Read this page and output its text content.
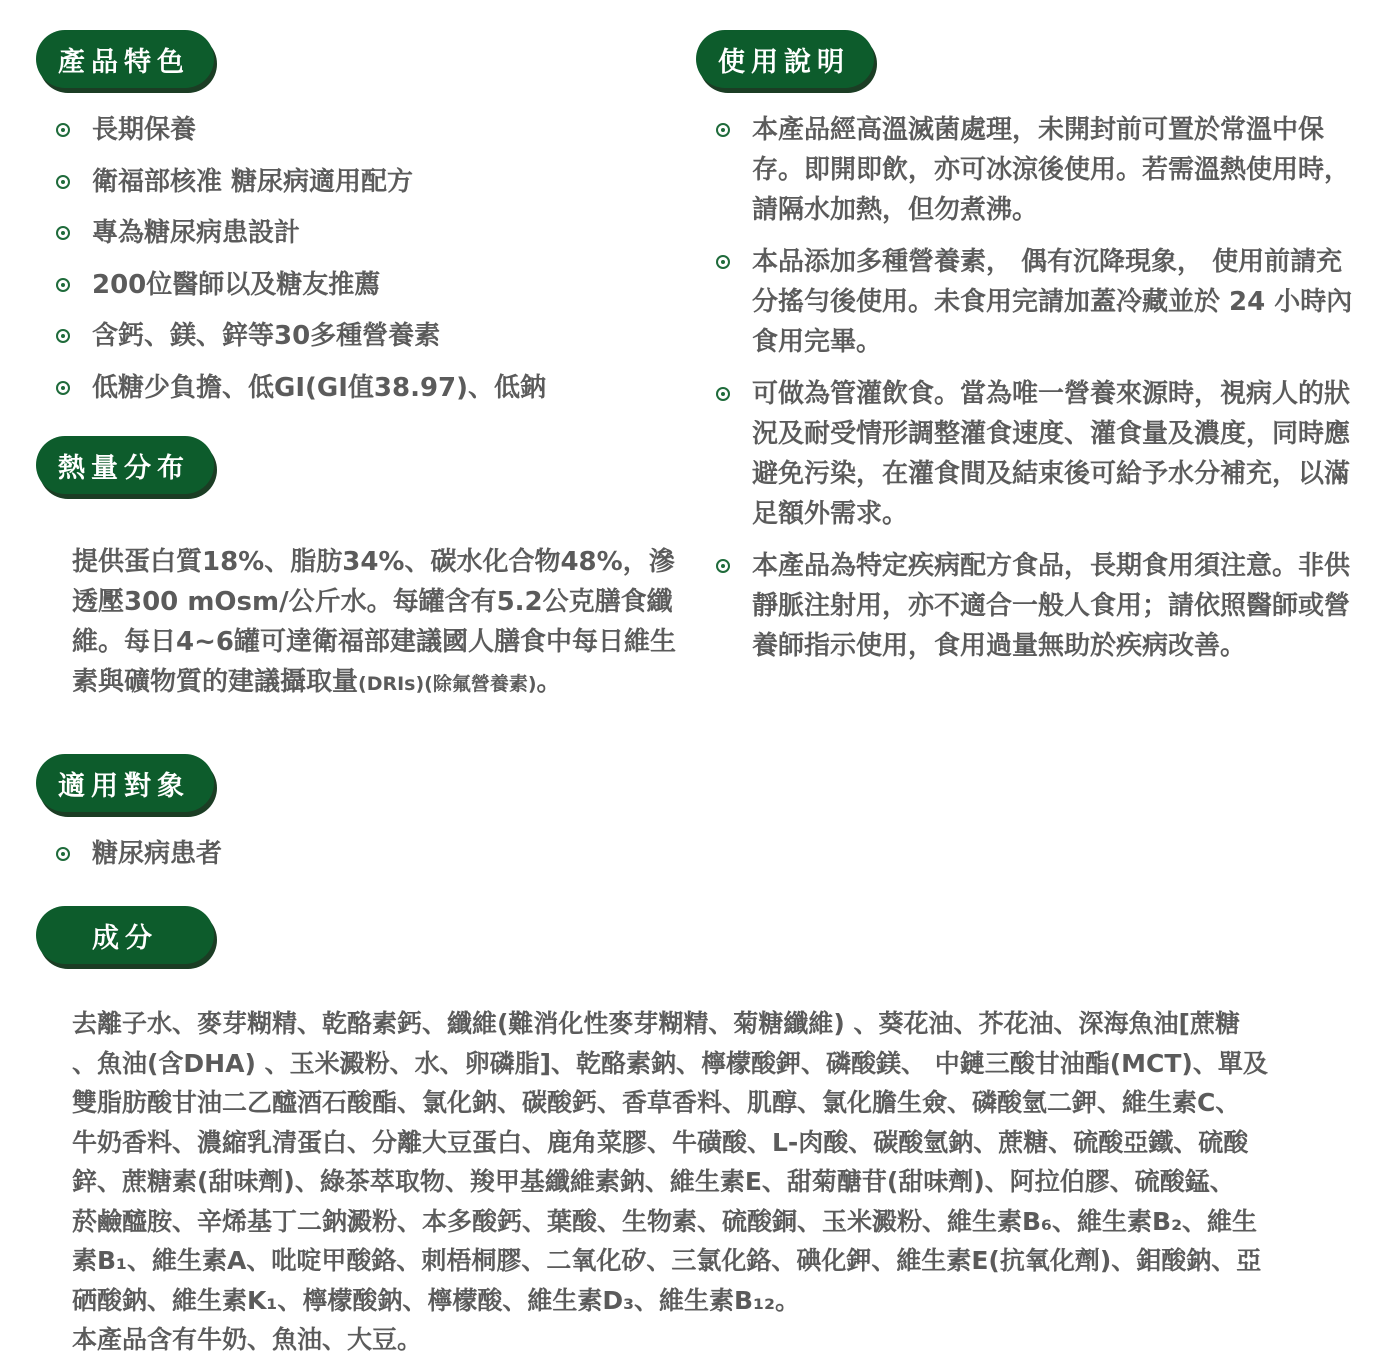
產品特色
長期保養
衛福部核准 糖尿病適用配方
專為糖尿病患設計
200位醫師以及糖友推薦
含鈣、鎂、鋅等30多種營養素
低糖少負擔、低GI(GI值38.97)、低鈉
熱量分布
提供蛋白質18%、脂肪34%、碳水化合物48%，滲透壓300 mOsm/公斤水。每罐含有5.2公克膳食纖維。每日4~6罐可達衛福部建議國人膳食中每日維生素與礦物質的建議攝取量(DRIs)(除氟營養素)。
適用對象
糖尿病患者
成分
去離子水、麥芽糊精、乾酪素鈣、纖維(難消化性麥芽糊精、菊糖纖維) 、葵花油、芥花油、深海魚油[蔗糖
、魚油(含DHA) 、玉米澱粉、水、卵磷脂]、乾酪素鈉、檸檬酸鉀、磷酸鎂、 中鏈三酸甘油酯(MCT)、單及
雙脂肪酸甘油二乙醯酒石酸酯、氯化鈉、碳酸鈣、香草香料、肌醇、氯化膽生僉、磷酸氫二鉀、維生素C、
牛奶香料、濃縮乳清蛋白、分離大豆蛋白、鹿角菜膠、牛磺酸、L-肉酸、碳酸氫鈉、蔗糖、硫酸亞鐵、硫酸
鋅、蔗糖素(甜味劑)、綠茶萃取物、羧甲基纖維素鈉、維生素E、甜菊醣苷(甜味劑)、阿拉伯膠、硫酸錳、
菸鹼醯胺、辛烯基丁二鈉澱粉、本多酸鈣、葉酸、生物素、硫酸銅、玉米澱粉、維生素B₆、維生素B₂、維生
素B₁、維生素A、吡啶甲酸鉻、刺梧桐膠、二氧化矽、三氯化鉻、碘化鉀、維生素E(抗氧化劑)、鉬酸鈉、亞
硒酸鈉、維生素K₁、檸檬酸鈉、檸檬酸、維生素D₃、維生素B₁₂。
本產品含有牛奶、魚油、大豆。
使用說明
本產品經高溫滅菌處理，未開封前可置於常溫中保存。即開即飲，亦可冰涼後使用。若需溫熱使用時，請隔水加熱，但勿煮沸。
本品添加多種營養素， 偶有沉降現象， 使用前請充分搖勻後使用。未食用完請加蓋冷藏並於 24 小時內食用完畢。
可做為管灌飲食。當為唯一營養來源時，視病人的狀況及耐受情形調整灌食速度、灌食量及濃度，同時應避免污染，在灌食間及結束後可給予水分補充，以滿足額外需求。
本產品為特定疾病配方食品，長期食用須注意。非供靜脈注射用，亦不適合一般人食用；請依照醫師或營養師指示使用，食用過量無助於疾病改善。
